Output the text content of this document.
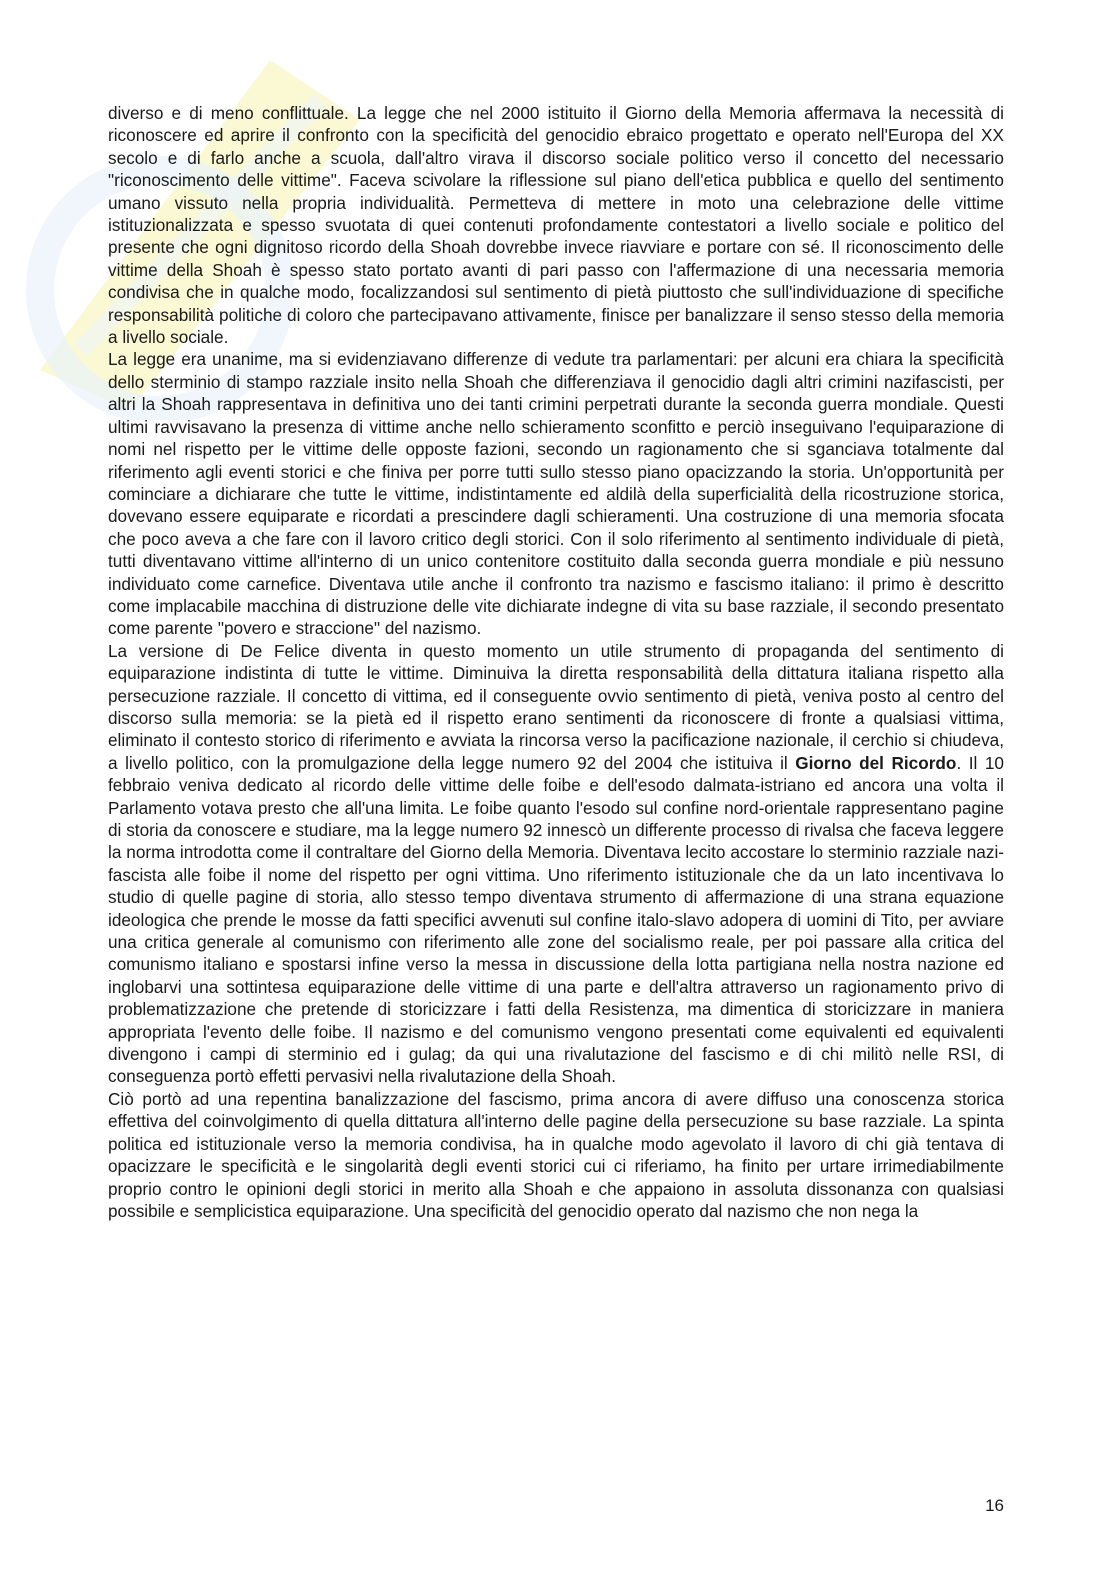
diverso e di meno conflittuale. La legge che nel 2000 istituito il Giorno della Memoria affermava la necessità di riconoscere ed aprire il confronto con la specificità del genocidio ebraico progettato e operato nell'Europa del XX secolo e di farlo anche a scuola, dall'altro virava il discorso sociale politico verso il concetto del necessario "riconoscimento delle vittime". Faceva scivolare la riflessione sul piano dell'etica pubblica e quello del sentimento umano vissuto nella propria individualità. Permetteva di mettere in moto una celebrazione delle vittime istituzionalizzata e spesso svuotata di quei contenuti profondamente contestatori a livello sociale e politico del presente che ogni dignitoso ricordo della Shoah dovrebbe invece riavviare e portare con sé. Il riconoscimento delle vittime della Shoah è spesso stato portato avanti di pari passo con l'affermazione di una necessaria memoria condivisa che in qualche modo, focalizzandosi sul sentimento di pietà piuttosto che sull'individuazione di specifiche responsabilità politiche di coloro che partecipavano attivamente, finisce per banalizzare il senso stesso della memoria a livello sociale.

La legge era unanime, ma si evidenziavano differenze di vedute tra parlamentari: per alcuni era chiara la specificità dello sterminio di stampo razziale insito nella Shoah che differenziava il genocidio dagli altri crimini nazifascisti, per altri la Shoah rappresentava in definitiva uno dei tanti crimini perpetrati durante la seconda guerra mondiale. Questi ultimi ravvisavano la presenza di vittime anche nello schieramento sconfitto e perciò inseguivano l'equiparazione di nomi nel rispetto per le vittime delle opposte fazioni, secondo un ragionamento che si sganciava totalmente dal riferimento agli eventi storici e che finiva per porre tutti sullo stesso piano opacizzando la storia. Un'opportunità per cominciare a dichiarare che tutte le vittime, indistintamente ed aldilà della superficialità della ricostruzione storica, dovevano essere equiparate e ricordati a prescindere dagli schieramenti. Una costruzione di una memoria sfocata che poco aveva a che fare con il lavoro critico degli storici. Con il solo riferimento al sentimento individuale di pietà, tutti diventavano vittime all'interno di un unico contenitore costituito dalla seconda guerra mondiale e più nessuno individuato come carnefice. Diventava utile anche il confronto tra nazismo e fascismo italiano: il primo è descritto come implacabile macchina di distruzione delle vite dichiarate indegne di vita su base razziale, il secondo presentato come parente "povero e straccione" del nazismo.

La versione di De Felice diventa in questo momento un utile strumento di propaganda del sentimento di equiparazione indistinta di tutte le vittime. Diminuiva la diretta responsabilità della dittatura italiana rispetto alla persecuzione razziale. Il concetto di vittima, ed il conseguente ovvio sentimento di pietà, veniva posto al centro del discorso sulla memoria: se la pietà ed il rispetto erano sentimenti da riconoscere di fronte a qualsiasi vittima, eliminato il contesto storico di riferimento e avviata la rincorsa verso la pacificazione nazionale, il cerchio si chiudeva, a livello politico, con la promulgazione della legge numero 92 del 2004 che istituiva il Giorno del Ricordo. Il 10 febbraio veniva dedicato al ricordo delle vittime delle foibe e dell'esodo dalmata-istriano ed ancora una volta il Parlamento votava presto che all'una limita. Le foibe quanto l'esodo sul confine nord-orientale rappresentano pagine di storia da conoscere e studiare, ma la legge numero 92 innescò un differente processo di rivalsa che faceva leggere la norma introdotta come il contraltare del Giorno della Memoria. Diventava lecito accostare lo sterminio razziale nazi-fascista alle foibe il nome del rispetto per ogni vittima. Uno riferimento istituzionale che da un lato incentivava lo studio di quelle pagine di storia, allo stesso tempo diventava strumento di affermazione di una strana equazione ideologica che prende le mosse da fatti specifici avvenuti sul confine italo-slavo adopera di uomini di Tito, per avviare una critica generale al comunismo con riferimento alle zone del socialismo reale, per poi passare alla critica del comunismo italiano e spostarsi infine verso la messa in discussione della lotta partigiana nella nostra nazione ed inglobarvi una sottintesa equiparazione delle vittime di una parte e dell'altra attraverso un ragionamento privo di problematizzazione che pretende di storicizzare i fatti della Resistenza, ma dimentica di storicizzare in maniera appropriata l'evento delle foibe. Il nazismo e del comunismo vengono presentati come equivalenti ed equivalenti divengono i campi di sterminio ed i gulag; da qui una rivalutazione del fascismo e di chi militò nelle RSI, di conseguenza portò effetti pervasivi nella rivalutazione della Shoah.

Ciò portò ad una repentina banalizzazione del fascismo, prima ancora di avere diffuso una conoscenza storica effettiva del coinvolgimento di quella dittatura all'interno delle pagine della persecuzione su base razziale. La spinta politica ed istituzionale verso la memoria condivisa, ha in qualche modo agevolato il lavoro di chi già tentava di opacizzare le specificità e le singolarità degli eventi storici cui ci riferiamo, ha finito per urtare irrimediabilmente proprio contro le opinioni degli storici in merito alla Shoah e che appaiono in assoluta dissonanza con qualsiasi possibile e semplicistica equiparazione. Una specificità del genocidio operato dal nazismo che non nega la

16
